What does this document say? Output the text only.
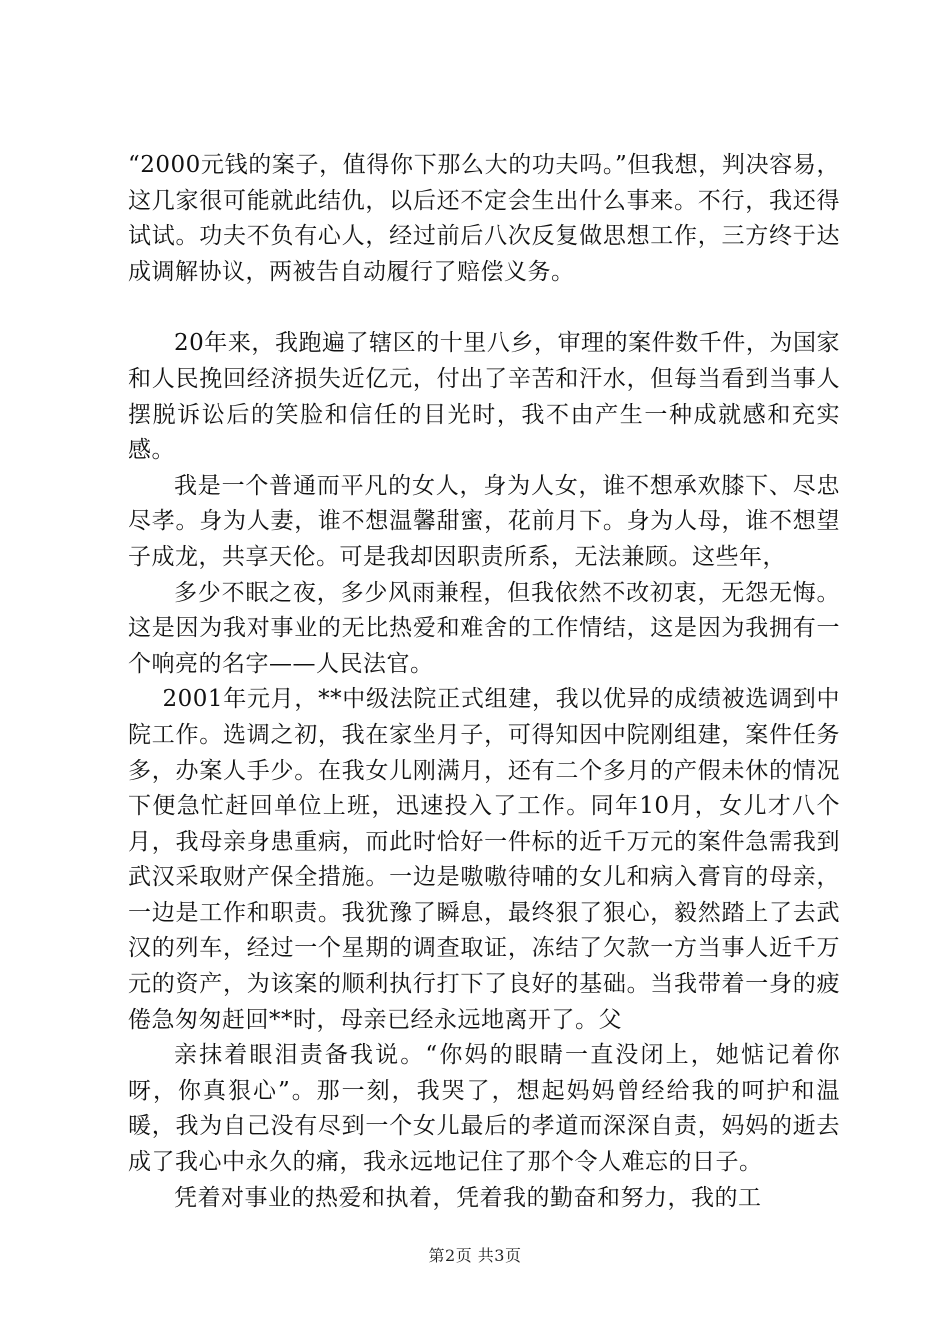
“2000元钱的案子，值得你下那么大的功夫吗。”但我想，判决容易，这几家很可能就此结仇，以后还不定会生出什么事来。不行，我还得试试。功夫不负有心人，经过前后八次反复做思想工作，三方终于达成调解协议，两被告自动履行了赔偿义务。

20年来，我跑遍了辖区的十里八乡，审理的案件数千件，为国家和人民挽回经济损失近亿元，付出了辛苦和汗水，但每当看到当事人摆脱诉讼后的笑脸和信任的目光时，我不由产生一种成就感和充实感。

我是一个普通而平凡的女人，身为人女，谁不想承欢膝下、尽忠尽孝。身为人妻，谁不想温馨甜蜜，花前月下。身为人母，谁不想望子成龙，共享天伦。可是我却因职责所系，无法兼顾。这些年，

多少不眠之夜，多少风雨兼程，但我依然不改初衷，无怨无悔。这是因为我对事业的无比热爱和难舍的工作情结，这是因为我拥有一个响亮的名字——人民法官。

2001年元月，**中级法院正式组建，我以优异的成绩被选调到中院工作。选调之初，我在家坐月子，可得知因中院刚组建，案件任务多，办案人手少。在我女儿刚满月，还有二个多月的产假未休的情况下便急忙赶回单位上班，迅速投入了工作。同年10月，女儿才八个月，我母亲身患重病，而此时恰好一件标的近千万元的案件急需我到武汉采取财产保全措施。一边是嗷嗷待哺的女儿和病入膏肓的母亲，一边是工作和职责。我犹豫了瞬息，最终狠了狠心，毅然踏上了去武汉的列车，经过一个星期的调查取证，冻结了欠款一方当事人近千万元的资产，为该案的顺利执行打下了良好的基础。当我带着一身的疲倦急匆匆赶回**时，母亲已经永远地离开了。父

亲抹着眼泪责备我说。“你妈的眼睛一直没闭上，她惦记着你呀，你真狠心”。那一刻，我哭了，想起妈妈曾经给我的呵护和温暖，我为自己没有尽到一个女儿最后的孝道而深深自责，妈妈的逝去成了我心中永久的痛，我永远地记住了那个令人难忘的日子。

凭着对事业的热爱和执着，凭着我的勤奋和努力，我的工

第2页 共3页
